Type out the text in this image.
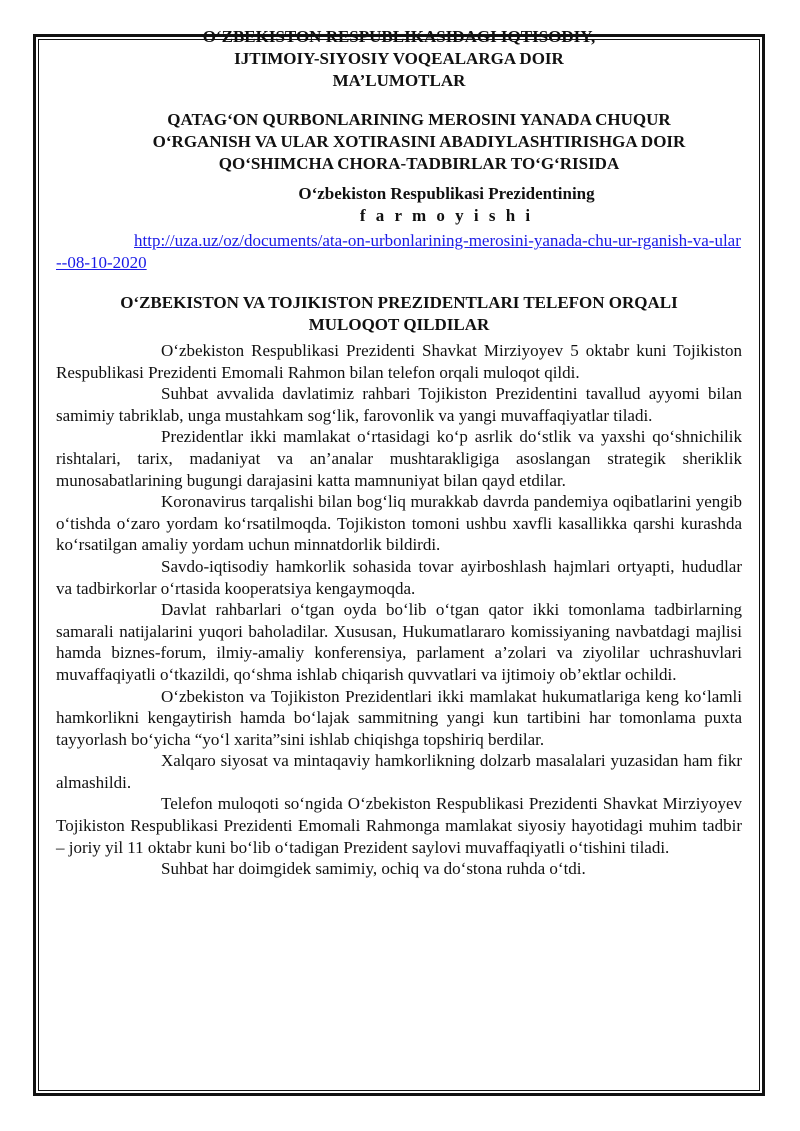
O‘ZBEKISTON RESPUBLIKASIDAGI IQTISODIY,

IJTIMOIY-SIYOSIY VOQEALARGA DOIR

MA’LUMOTLAR

QATAG‘ON QURBONLARINING MEROSINI YANADA CHUQUR

O‘RGANISH VA ULAR XOTIRASINI ABADIYLASHTIRISHGA DOIR

QO‘SHIMCHA CHORA-TADBIRLAR TO‘G‘RISIDA

O‘zbekiston Respublikasi Prezidentining

f a r m o y i s h i

http://uza.uz/oz/documents/ata-on-urbonlarining-merosini-yanada-chu-ur-rganish-va-ular--08-10-2020
O‘ZBEKISTON VA TOJIKISTON PREZIDENTLARI TELEFON ORQALI
MULOQOT QILDILAR

O‘zbekiston Respublikasi Prezidenti Shavkat Mirziyoyev 5 oktabr kuni Tojikiston Respublikasi Prezidenti Emomali Rahmon bilan telefon orqali muloqot qildi.

Suhbat avvalida davlatimiz rahbari Tojikiston Prezidentini tavallud ayyomi bilan samimiy tabriklab, unga mustahkam sog‘lik, farovonlik va yangi muvaffaqiyatlar tiladi.

Prezidentlar ikki mamlakat o‘rtasidagi ko‘p asrlik do‘stlik va yaxshi qo‘shnichilik rishtalari, tarix, madaniyat va an’analar mushtarakligiga asoslangan strategik sheriklik munosabatlarining bugungi darajasini katta mamnuniyat bilan qayd etdilar.

Koronavirus tarqalishi bilan bog‘liq murakkab davrda pandemiya oqibatlarini yengib o‘tishda o‘zaro yordam ko‘rsatilmoqda. Tojikiston tomoni ushbu xavfli kasallikka qarshi kurashda ko‘rsatilgan amaliy yordam uchun minnatdorlik bildirdi.

Savdo-iqtisodiy hamkorlik sohasida tovar ayirboshlash hajmlari ortyapti, hududlar va tadbirkorlar o‘rtasida kooperatsiya kengaymoqda.

Davlat rahbarlari o‘tgan oyda bo‘lib o‘tgan qator ikki tomonlama tadbirlarning samarali natijalarini yuqori baholadilar. Xususan, Hukumatlararo komissiyaning navbatdagi majlisi hamda biznes-forum, ilmiy-amaliy konferensiya, parlament a’zolari va ziyolilar uchrashuvlari muvaffaqiyatli o‘tkazildi, qo‘shma ishlab chiqarish quvvatlari va ijtimoiy ob’ektlar ochildi.

O‘zbekiston va Tojikiston Prezidentlari ikki mamlakat hukumatlariga keng ko‘lamli hamkorlikni kengaytirish hamda bo‘lajak sammitning yangi kun tartibini har tomonlama puxta tayyorlash bo‘yicha “yo‘l xarita”sini ishlab chiqishga topshiriq berdilar.

Xalqaro siyosat va mintaqaviy hamkorlikning dolzarb masalalari yuzasidan ham fikr almashildi.

Telefon muloqoti so‘ngida O‘zbekiston Respublikasi Prezidenti Shavkat Mirziyoyev Tojikiston Respublikasi Prezidenti Emomali Rahmonga mamlakat siyosiy hayotidagi muhim tadbir – joriy yil 11 oktabr kuni bo‘lib o‘tadigan Prezident saylovi muvaffaqiyatli o‘tishini tiladi.

Suhbat har doimgidek samimiy, ochiq va do‘stona ruhda o‘tdi.
